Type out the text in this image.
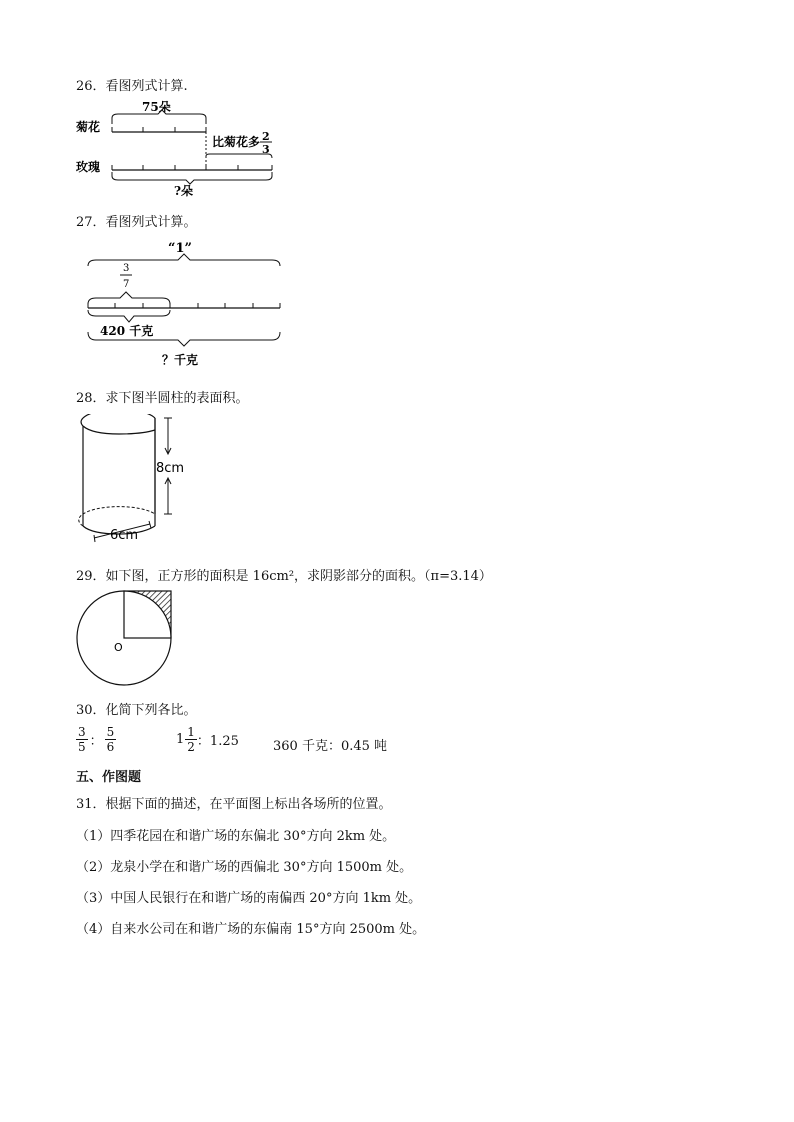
26．看图列式计算.
菊花
玫瑰
75朵
?朵
比菊花多 2
3
27．看图列式计算。
“1”
3
7
420 千克
？千克
28．求下图半圆柱的表面积。
8cm
6cm
29．如下图，正方形的面积是 16cm²，求阴影部分的面积。（π=3.14）
O
30．化简下列各比。
$\frac{3}{5}$ ： $\frac{5}{6}$	$1 \frac{1}{2}$ ：1.25	360 千克：0.45 吨
五、作图题
31．根据下面的描述，在平面图上标出各场所的位置。
（1）四季花园在和谐广场的东偏北 30°方向 2km 处。
（2）龙泉小学在和谐广场的西偏北 30°方向 1500m 处。
（3）中国人民银行在和谐广场的南偏西 20°方向 1km 处。
（4）自来水公司在和谐广场的东偏南 15°方向 2500m 处。
